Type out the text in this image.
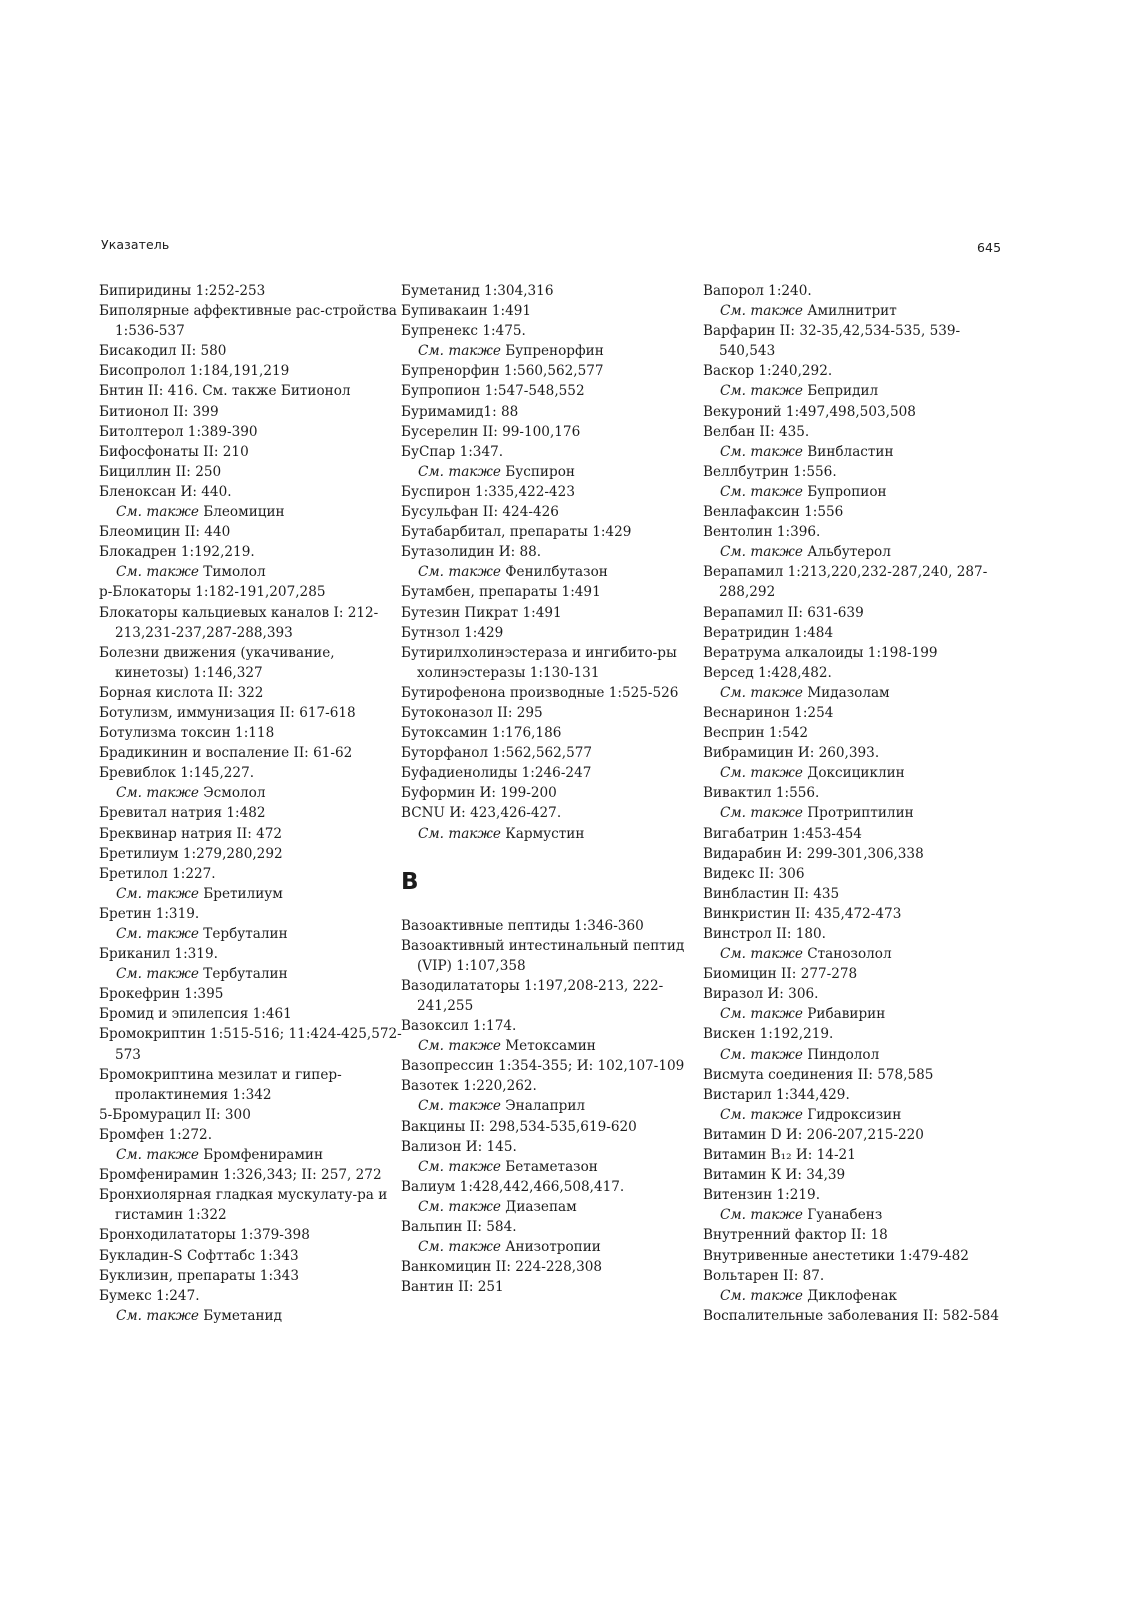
Указатель	645
Бипиридины 1:252-253
Биполярные аффективные рас-стройства 1:536-537
Бисакодил II: 580
Бисопролол 1:184,191,219
Бнтин II: 416. См. также Битионол
Битионол II: 399
Битолтерол 1:389-390
Бифосфонаты II: 210
Бициллин II: 250
Бленоксан И: 440.
См. также Блеомицин
Блеомицин II: 440
Блокадрен 1:192,219.
См. также Тимолол
р-Блокаторы 1:182-191,207,285
Блокаторы кальциевых каналов I: 212-213,231-237,287-288,393
Болезни движения (укачивание, кинетозы) 1:146,327
Борная кислота II: 322
Ботулизм, иммунизация II: 617-618
Ботулизма токсин 1:118
Брадикинин и воспаление II: 61-62
Бревиблок 1:145,227.
См. также Эсмолол
Бревитал натрия 1:482
Бреквинар натрия II: 472
Бретилиум 1:279,280,292
Бретилол 1:227.
См. также Бретилиум
Бретин 1:319.
См. также Тербуталин
Бриканил 1:319.
См. также Тербуталин
Брокефрин 1:395
Бромид и эпилепсия 1:461
Бромокриптин 1:515-516; 11:424-425,572-573
Бромокриптина мезилат и гипер-пролактинемия 1:342
5-Бромурацил II: 300
Бромфен 1:272.
См. также Бромфенирамин
Бромфенирамин 1:326,343; II: 257, 272
Бронхиолярная гладкая мускулату-ра и гистамин 1:322
Бронходилататоры 1:379-398
Букладин-S Софттабс 1:343
Буклизин, препараты 1:343
Бумекс 1:247.
См. также Буметанид
Буметанид 1:304,316
Бупивакаин 1:491
Бупренекс 1:475.
См. также Бупренорфин
Бупренорфин 1:560,562,577
Бупропион 1:547-548,552
Буримамид1: 88
Бусерелин II: 99-100,176
БуСпар 1:347.
См. также Буспирон
Буспирон 1:335,422-423
Бусульфан II: 424-426
Бутабарбитал, препараты 1:429
Бутазолидин И: 88.
См. также Фенилбутазон
Бутамбен, препараты 1:491
Бутезин Пикрат 1:491
Бутнзол 1:429
Бутирилхолинэстераза и ингибито-ры холинэстеразы 1:130-131
Бутирофенона производные 1:525-526
Бутоконазол II: 295
Бутоксамин 1:176,186
Буторфанол 1:562,562,577
Буфадиенолиды 1:246-247
Буформин И: 199-200
BCNU И: 423,426-427.
См. также Кармустин
В
Вазоактивные пептиды 1:346-360
Вазоактивный интестинальный пептид (VIP) 1:107,358
Вазодилататоры 1:197,208-213, 222-241,255
Вазоксил 1:174.
См. также Метоксамин
Вазопрессин 1:354-355; И: 102,107-109
Вазотек 1:220,262.
См. также Эналаприл
Вакцины II: 298,534-535,619-620
Вализон И: 145.
См. также Бетаметазон
Валиум 1:428,442,466,508,417.
См. также Диазепам
Вальпин II: 584.
См. также Анизотропии
Ванкомицин II: 224-228,308
Вантин II: 251
Вапорол 1:240.
См. также Амилнитрит
Варфарин II: 32-35,42,534-535, 539-540,543
Васкор 1:240,292.
См. также Бепридил
Векуроний 1:497,498,503,508
Велбан II: 435.
См. также Винбластин
Веллбутрин 1:556.
См. также Бупропион
Венлафаксин 1:556
Вентолин 1:396.
См. также Альбутерол
Верапамил 1:213,220,232-287,240, 287-288,292
Верапамил II: 631-639
Вератридин 1:484
Вератрума алкалоиды 1:198-199
Версед 1:428,482.
См. также Мидазолам
Веснаринон 1:254
Весприн 1:542
Вибрамицин И: 260,393.
См. также Доксициклин
Вивактил 1:556.
См. также Протриптилин
Вигабатрин 1:453-454
Видарабин И: 299-301,306,338
Видекс II: 306
Винбластин II: 435
Винкристин II: 435,472-473
Винстрол II: 180.
См. также Станозолол
Биомицин II: 277-278
Виразол И: 306.
См. также Рибавирин
Вискен 1:192,219.
См. также Пиндолол
Висмута соединения II: 578,585
Вистарил 1:344,429.
См. также Гидроксизин
Витамин D И: 206-207,215-220
Витамин В₁₂ И: 14-21
Витамин К И: 34,39
Витензин 1:219.
См. также Гуанабенз
Внутренний фактор II: 18
Внутривенные анестетики 1:479-482
Вольтарен II: 87.
См. также Диклофенак
Воспалительные заболевания II: 582-584
